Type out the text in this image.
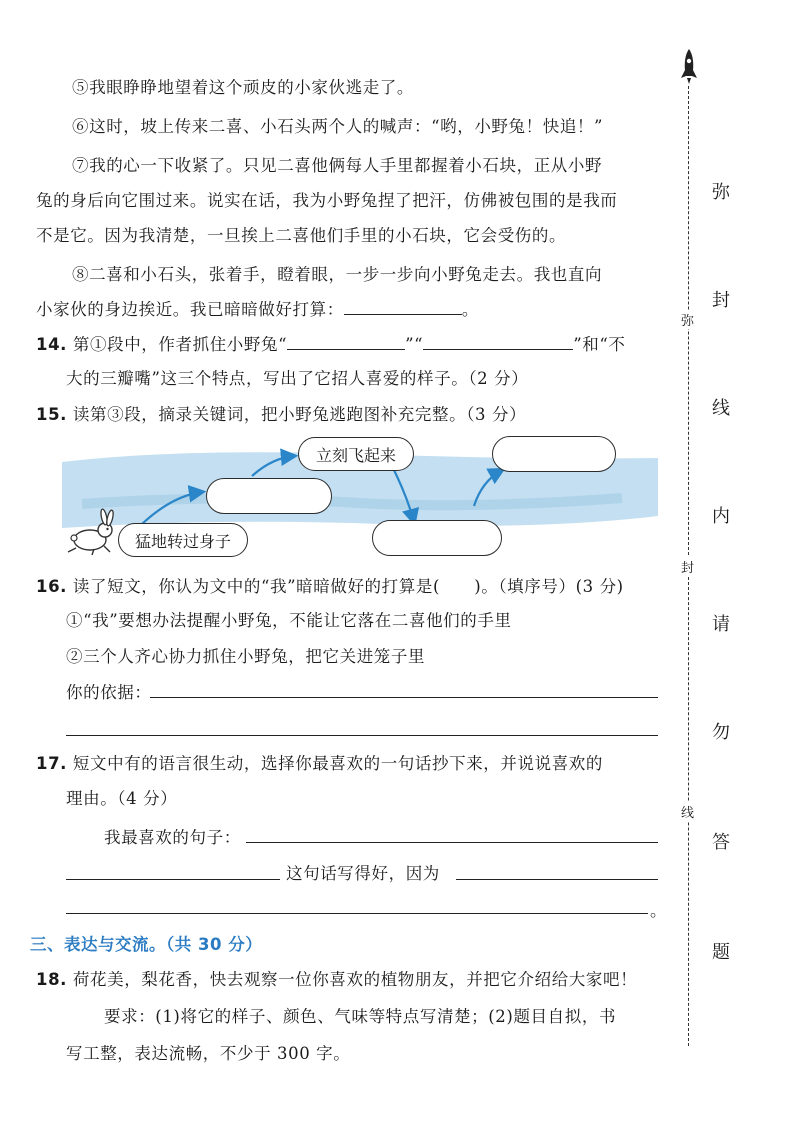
⑤我眼睁睁地望着这个顽皮的小家伙逃走了。
⑥这时，坡上传来二喜、小石头两个人的喊声：“哟，小野兔！快追！”
⑦我的心一下收紧了。只见二喜他俩每人手里都握着小石块，正从小野
兔的身后向它围过来。说实在话，我为小野兔捏了把汗，仿佛被包围的是我而
不是它。因为我清楚，一旦挨上二喜他们手里的小石块，它会受伤的。
⑧二喜和小石头，张着手，瞪着眼，一步一步向小野兔走去。我也直向
小家伙的身边挨近。我已暗暗做好打算：	。
14. 第①段中，作者抓住小野兔“	”“	”和“不
大的三瓣嘴”这三个特点，写出了它招人喜爱的样子。（2 分）
15. 读第③段，摘录关键词，把小野兔逃跑图补充完整。（3 分）
猛地转过身子
立刻飞起来
16. 读了短文，你认为文中的“我”暗暗做好的打算是(　　)。（填序号）(3 分)
①“我”要想办法提醒小野兔，不能让它落在二喜他们的手里
②三个人齐心协力抓住小野兔，把它关进笼子里
你的依据：
17. 短文中有的语言很生动，选择你最喜欢的一句话抄下来，并说说喜欢的
理由。（4 分）
我最喜欢的句子：
这句话写得好，因为
。
三、表达与交流。（共 30 分）
18. 荷花美，梨花香，快去观察一位你喜欢的植物朋友，并把它介绍给大家吧！
要求：(1)将它的样子、颜色、气味等特点写清楚；(2)题目自拟，书
写工整，表达流畅，不少于 300 字。
弥
封
线
弥
封
线
内
请
勿
答
题
